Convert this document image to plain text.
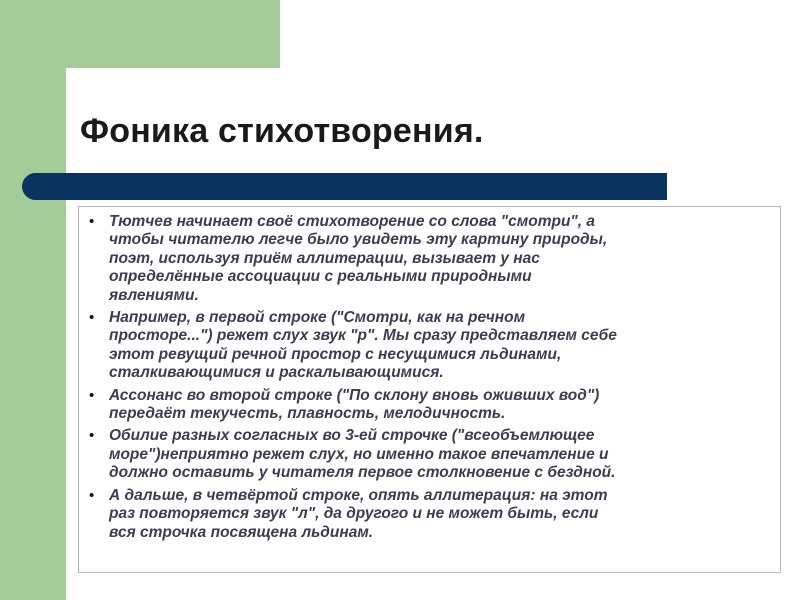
Фоника стихотворения.
• Тютчев начинает своё стихотворение со слова "смотри", а
чтобы читателю легче было увидеть эту картину природы,
поэт, используя приём аллитерации, вызывает у нас
определённые ассоциации с реальными природными
явлениями.
• Например, в первой строке ("Смотри, как на речном
просторе...") режет слух звук "р". Мы сразу представляем себе
этот ревущий речной простор с несущимися льдинами,
сталкивающимися и раскалывающимися.
• Ассонанс во второй строке ("По склону вновь оживших вод")
передаёт текучесть, плавность, мелодичность.
• Обилие разных согласных во 3-ей строчке ("всеобъемлющее
море")неприятно режет слух, но именно такое впечатление и
должно оставить у читателя первое столкновение с бездной.
• А дальше, в четвёртой строке, опять аллитерация: на этот
раз повторяется звук "л", да другого и не может быть, если
вся строчка посвящена льдинам.
